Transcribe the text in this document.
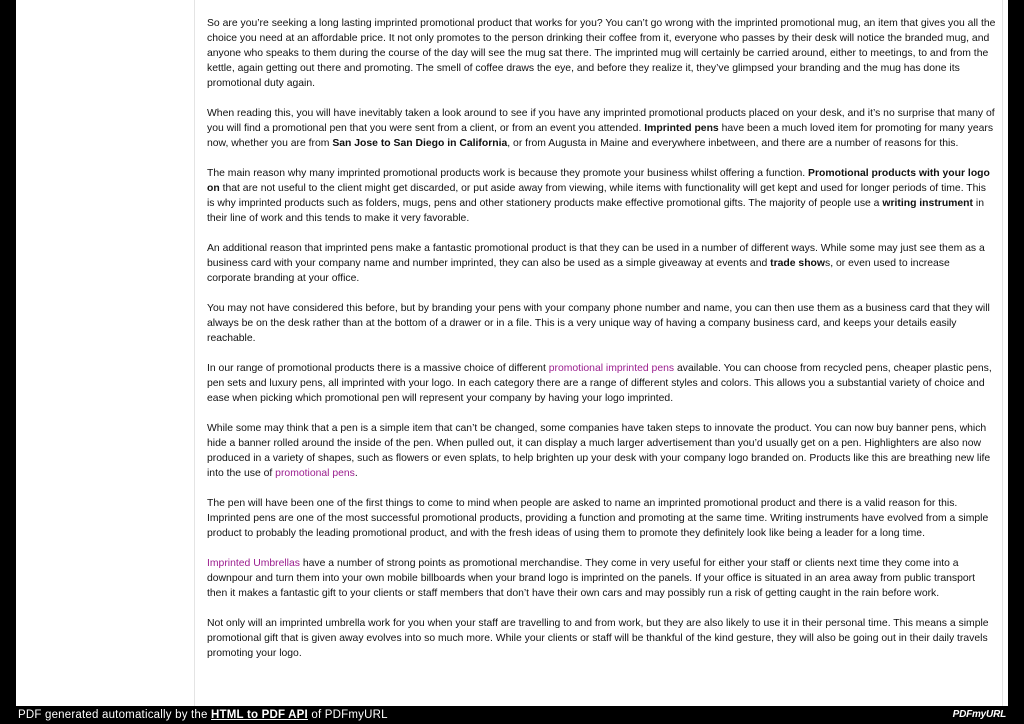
So are you’re seeking a long lasting imprinted promotional product that works for you? You can’t go wrong with the imprinted promotional mug, an item that gives you all the choice you need at an affordable price. It not only promotes to the person drinking their coffee from it, everyone who passes by their desk will notice the branded mug, and anyone who speaks to them during the course of the day will see the mug sat there. The imprinted mug will certainly be carried around, either to meetings, to and from the kettle, again getting out there and promoting. The smell of coffee draws the eye, and before they realize it, they’ve glimpsed your branding and the mug has done its promotional duty again.

When reading this, you will have inevitably taken a look around to see if you have any imprinted promotional products placed on your desk, and it’s no surprise that many of you will find a promotional pen that you were sent from a client, or from an event you attended. Imprinted pens have been a much loved item for promoting for many years now, whether you are from San Jose to San Diego in California, or from Augusta in Maine and everywhere inbetween, and there are a number of reasons for this.

The main reason why many imprinted promotional products work is because they promote your business whilst offering a function. Promotional products with your logo on that are not useful to the client might get discarded, or put aside away from viewing, while items with functionality will get kept and used for longer periods of time. This is why imprinted products such as folders, mugs, pens and other stationery products make effective promotional gifts. The majority of people use a writing instrument in their line of work and this tends to make it very favorable.

An additional reason that imprinted pens make a fantastic promotional product is that they can be used in a number of different ways. While some may just see them as a business card with your company name and number imprinted, they can also be used as a simple giveaway at events and trade shows, or even used to increase corporate branding at your office.

You may not have considered this before, but by branding your pens with your company phone number and name, you can then use them as a business card that they will always be on the desk rather than at the bottom of a drawer or in a file. This is a very unique way of having a company business card, and keeps your details easily reachable.

In our range of promotional products there is a massive choice of different promotional imprinted pens available. You can choose from recycled pens, cheaper plastic pens, pen sets and luxury pens, all imprinted with your logo. In each category there are a range of different styles and colors. This allows you a substantial variety of choice and ease when picking which promotional pen will represent your company by having your logo imprinted.

While some may think that a pen is a simple item that can’t be changed, some companies have taken steps to innovate the product. You can now buy banner pens, which hide a banner rolled around the inside of the pen. When pulled out, it can display a much larger advertisement than you’d usually get on a pen. Highlighters are also now produced in a variety of shapes, such as flowers or even splats, to help brighten up your desk with your company logo branded on. Products like this are breathing new life into the use of promotional pens.

The pen will have been one of the first things to come to mind when people are asked to name an imprinted promotional product and there is a valid reason for this. Imprinted pens are one of the most successful promotional products, providing a function and promoting at the same time. Writing instruments have evolved from a simple product to probably the leading promotional product, and with the fresh ideas of using them to promote they definitely look like being a leader for a long time.

Imprinted Umbrellas have a number of strong points as promotional merchandise. They come in very useful for either your staff or clients next time they come into a downpour and turn them into your own mobile billboards when your brand logo is imprinted on the panels. If your office is situated in an area away from public transport then it makes a fantastic gift to your clients or staff members that don’t have their own cars and may possibly run a risk of getting caught in the rain before work.

Not only will an imprinted umbrella work for you when your staff are travelling to and from work, but they are also likely to use it in their personal time. This means a simple promotional gift that is given away evolves into so much more. While your clients or staff will be thankful of the kind gesture, they will also be going out in their daily travels promoting your logo.

PDF generated automatically by the HTML to PDF API of PDFmyURL	PDFmyURL
